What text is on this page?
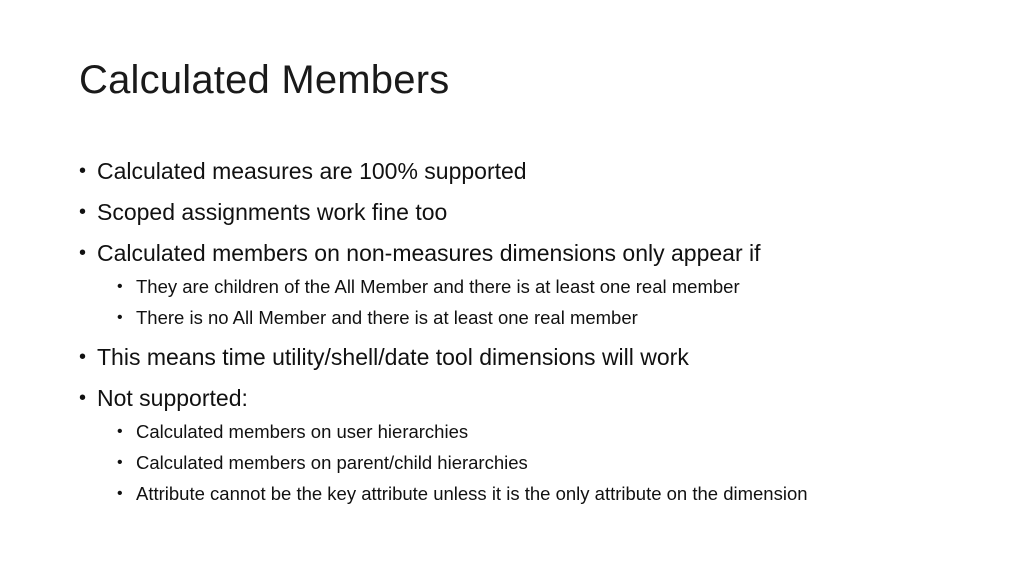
Calculated Members
• Calculated measures are 100% supported
• Scoped assignments work fine too
• Calculated members on non-measures dimensions only appear if
• They are children of the All Member and there is at least one real member
• There is no All Member and there is at least one real member
• This means time utility/shell/date tool dimensions will work
• Not supported:
• Calculated members on user hierarchies
• Calculated members on parent/child hierarchies
• Attribute cannot be the key attribute unless it is the only attribute on the dimension
